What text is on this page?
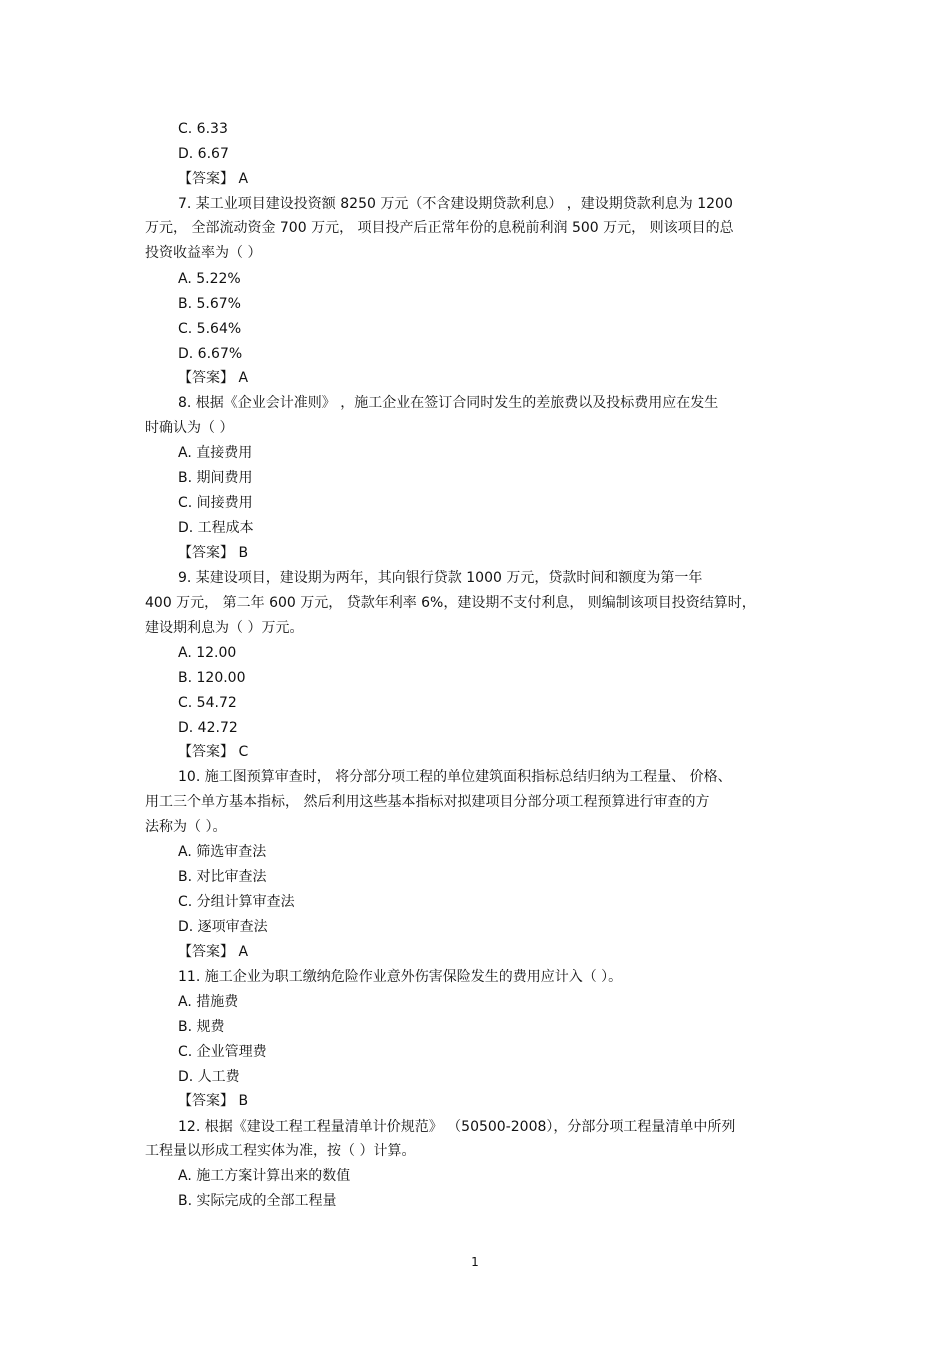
C. 6.33
D. 6.67
【答案】 A
7. 某工业项目建设投资额 8250 万元（不含建设期贷款利息） ，建设期贷款利息为 1200
万元， 全部流动资金 700 万元， 项目投产后正常年份的息税前利润 500 万元， 则该项目的总
投资收益率为（ ）
A. 5.22%
B. 5.67%
C. 5.64%
D. 6.67%
【答案】 A
8. 根据《企业会计准则》 ，施工企业在签订合同时发生的差旅费以及投标费用应在发生
时确认为（ ）
A. 直接费用
B. 期间费用
C. 间接费用
D. 工程成本
【答案】 B
9. 某建设项目，建设期为两年，其向银行贷款 1000 万元，贷款时间和额度为第一年
400 万元， 第二年 600 万元， 贷款年利率 6%，建设期不支付利息， 则编制该项目投资结算时，
建设期利息为（ ）万元。
A. 12.00
B. 120.00
C. 54.72
D. 42.72
【答案】 C
10. 施工图预算审查时， 将分部分项工程的单位建筑面积指标总结归纳为工程量、 价格、
用工三个单方基本指标， 然后利用这些基本指标对拟建项目分部分项工程预算进行审查的方
法称为（ ）。
A. 筛选审查法
B. 对比审查法
C. 分组计算审查法
D. 逐项审查法
【答案】 A
11. 施工企业为职工缴纳危险作业意外伤害保险发生的费用应计入（ ）。
A. 措施费
B. 规费
C. 企业管理费
D. 人工费
【答案】 B
12. 根据《建设工程工程量清单计价规范》 （50500-2008），分部分项工程量清单中所列
工程量以形成工程实体为准，按（ ）计算。
A. 施工方案计算出来的数值
B. 实际完成的全部工程量
1
